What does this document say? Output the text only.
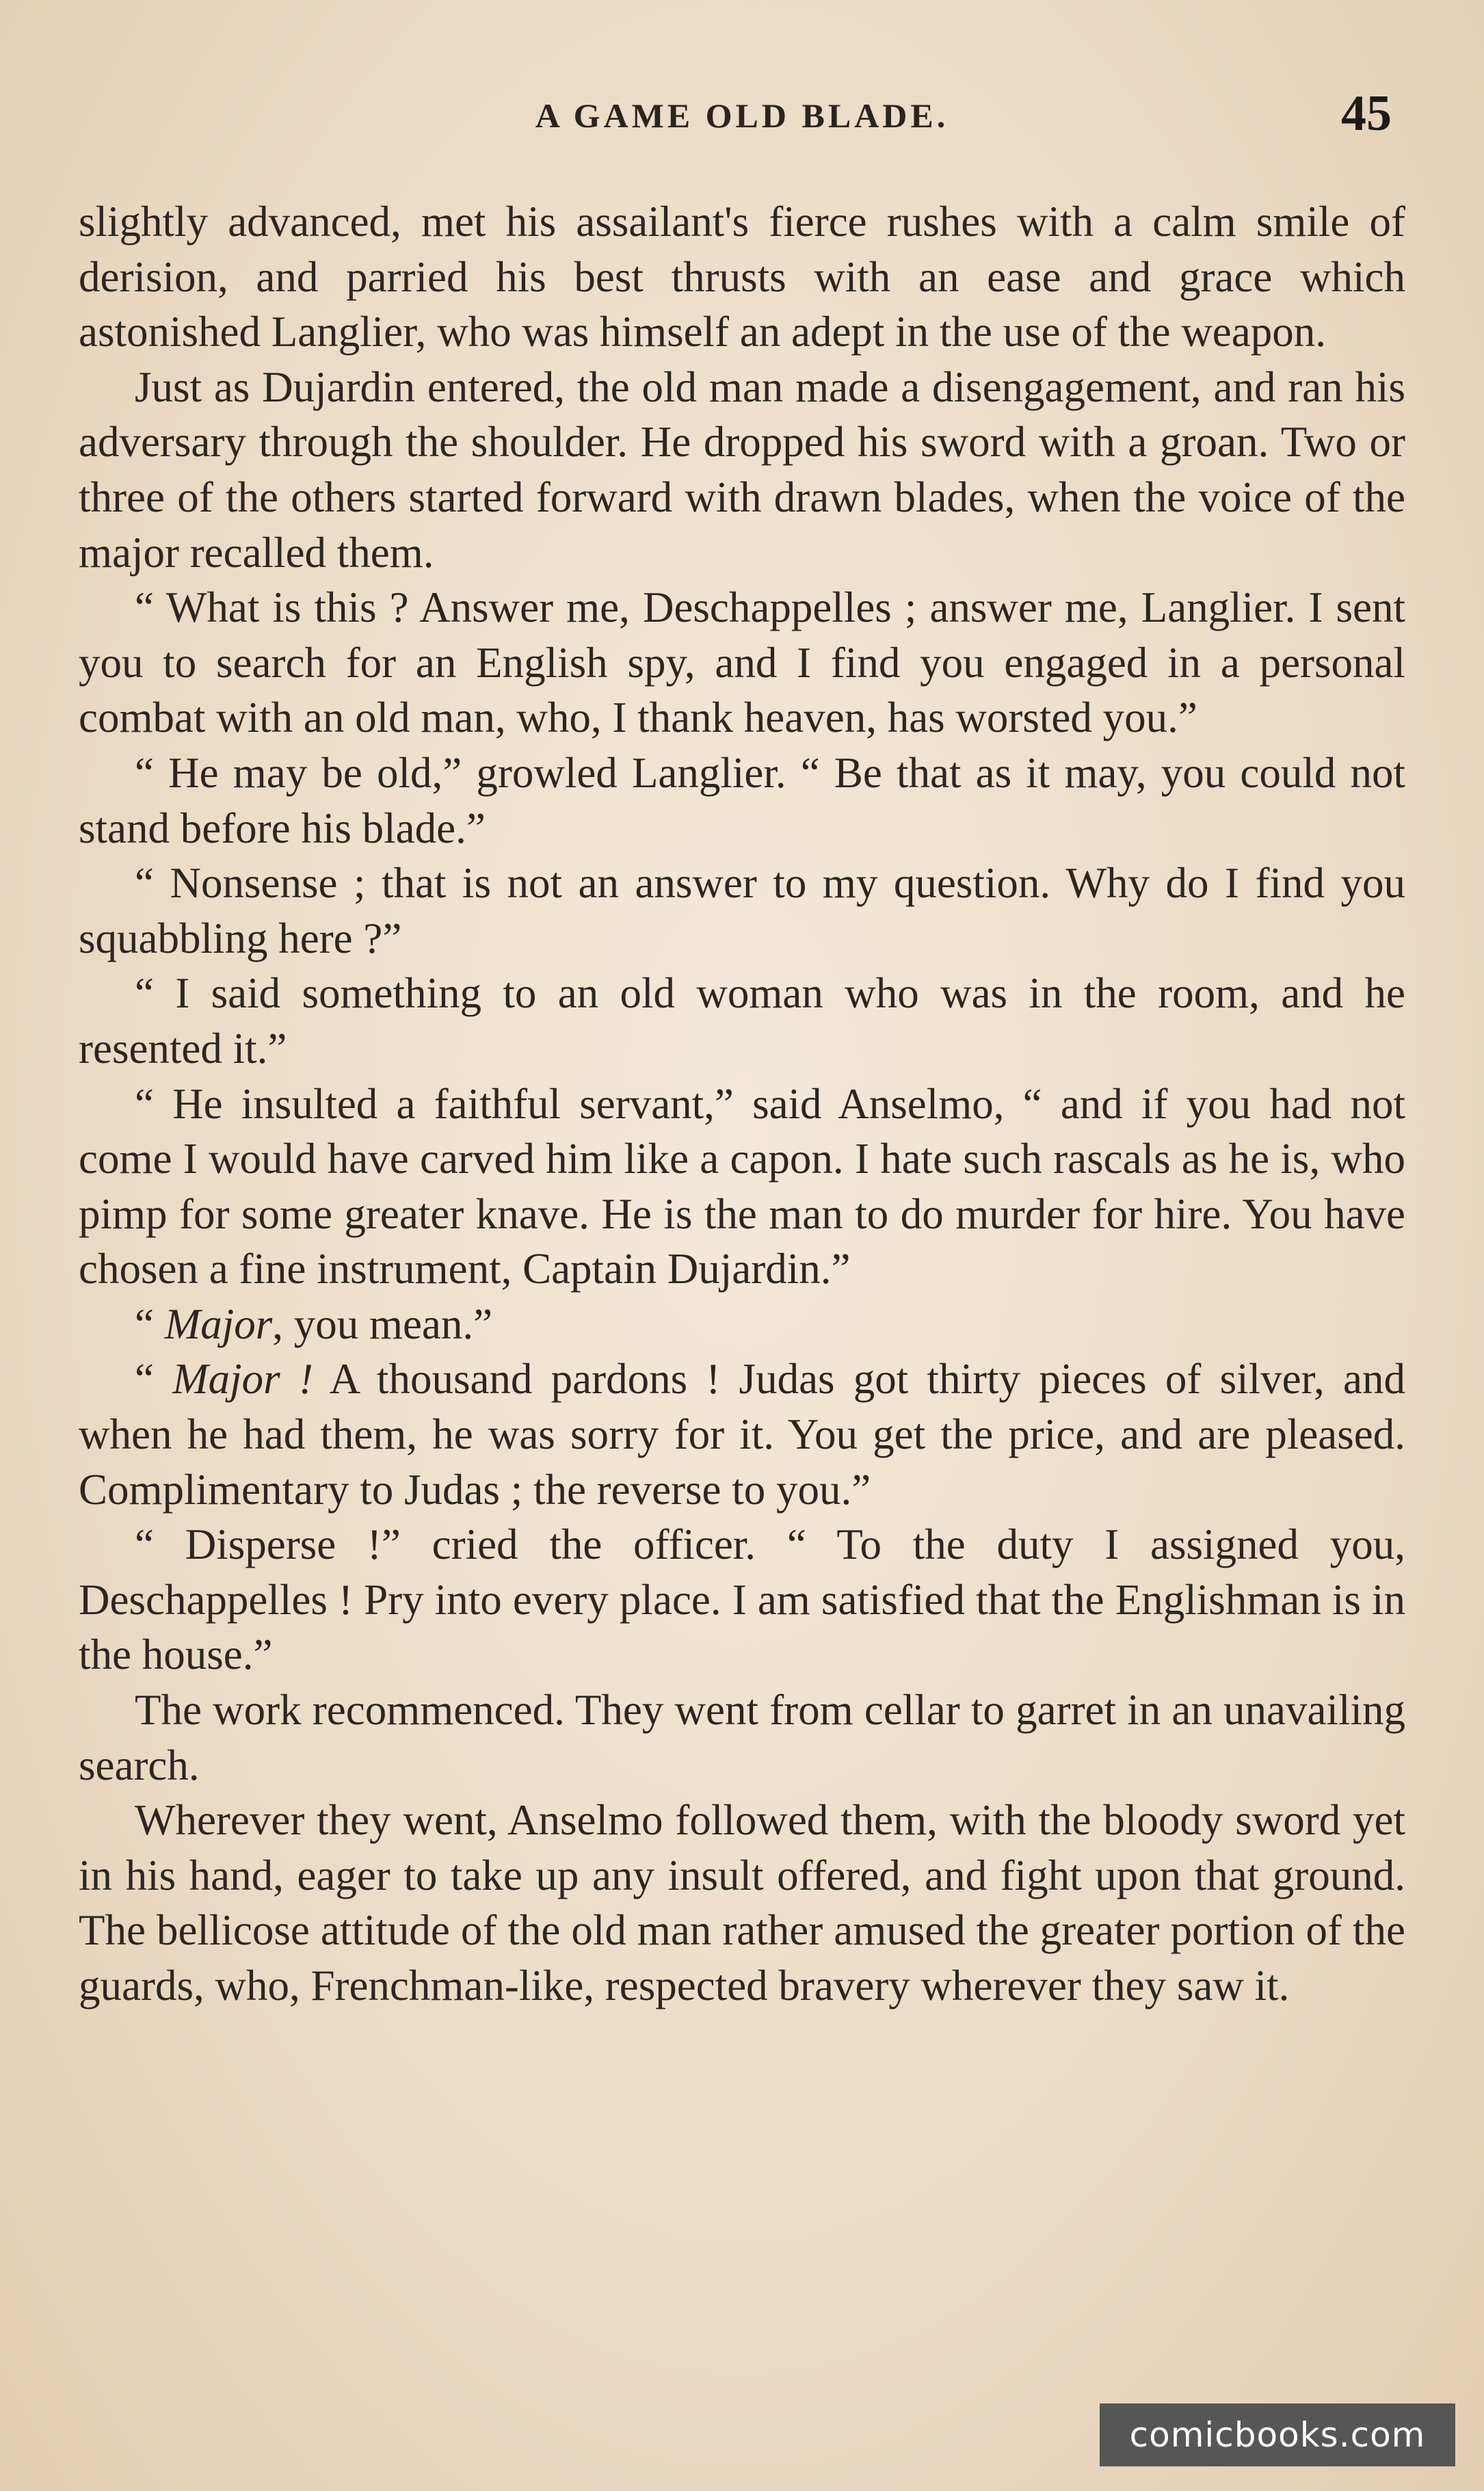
A GAME OLD BLADE.	45

slightly advanced, met his assailant's fierce rushes with a calm smile of derision, and parried his best thrusts with an ease and grace which astonished Langlier, who was himself an adept in the use of the weapon.

Just as Dujardin entered, the old man made a disengagement, and ran his adversary through the shoulder. He dropped his sword with a groan. Two or three of the others started forward with drawn blades, when the voice of the major recalled them.

“ What is this ? Answer me, Deschappelles ; answer me, Langlier. I sent you to search for an English spy, and I find you engaged in a personal combat with an old man, who, I thank heaven, has worsted you.”

“ He may be old,” growled Langlier. “ Be that as it may, you could not stand before his blade.”

“ Nonsense ; that is not an answer to my question. Why do I find you squabbling here ?”

“ I said something to an old woman who was in the room, and he resented it.”

“ He insulted a faithful servant,” said Anselmo, “ and if you had not come I would have carved him like a capon. I hate such rascals as he is, who pimp for some greater knave. He is the man to do murder for hire. You have chosen a fine instrument, Captain Dujardin.”

“ Major, you mean.”

“ Major ! A thousand pardons ! Judas got thirty pieces of silver, and when he had them, he was sorry for it. You get the price, and are pleased. Complimentary to Judas ; the reverse to you.”

“ Disperse !” cried the officer. “ To the duty I assigned you, Deschappelles ! Pry into every place. I am satisfied that the Englishman is in the house.”

The work recommenced. They went from cellar to garret in an unavailing search.

Wherever they went, Anselmo followed them, with the bloody sword yet in his hand, eager to take up any insult offered, and fight upon that ground. The bellicose attitude of the old man rather amused the greater portion of the guards, who, Frenchman-like, respected bravery wherever they saw it.

comicbooks.com
